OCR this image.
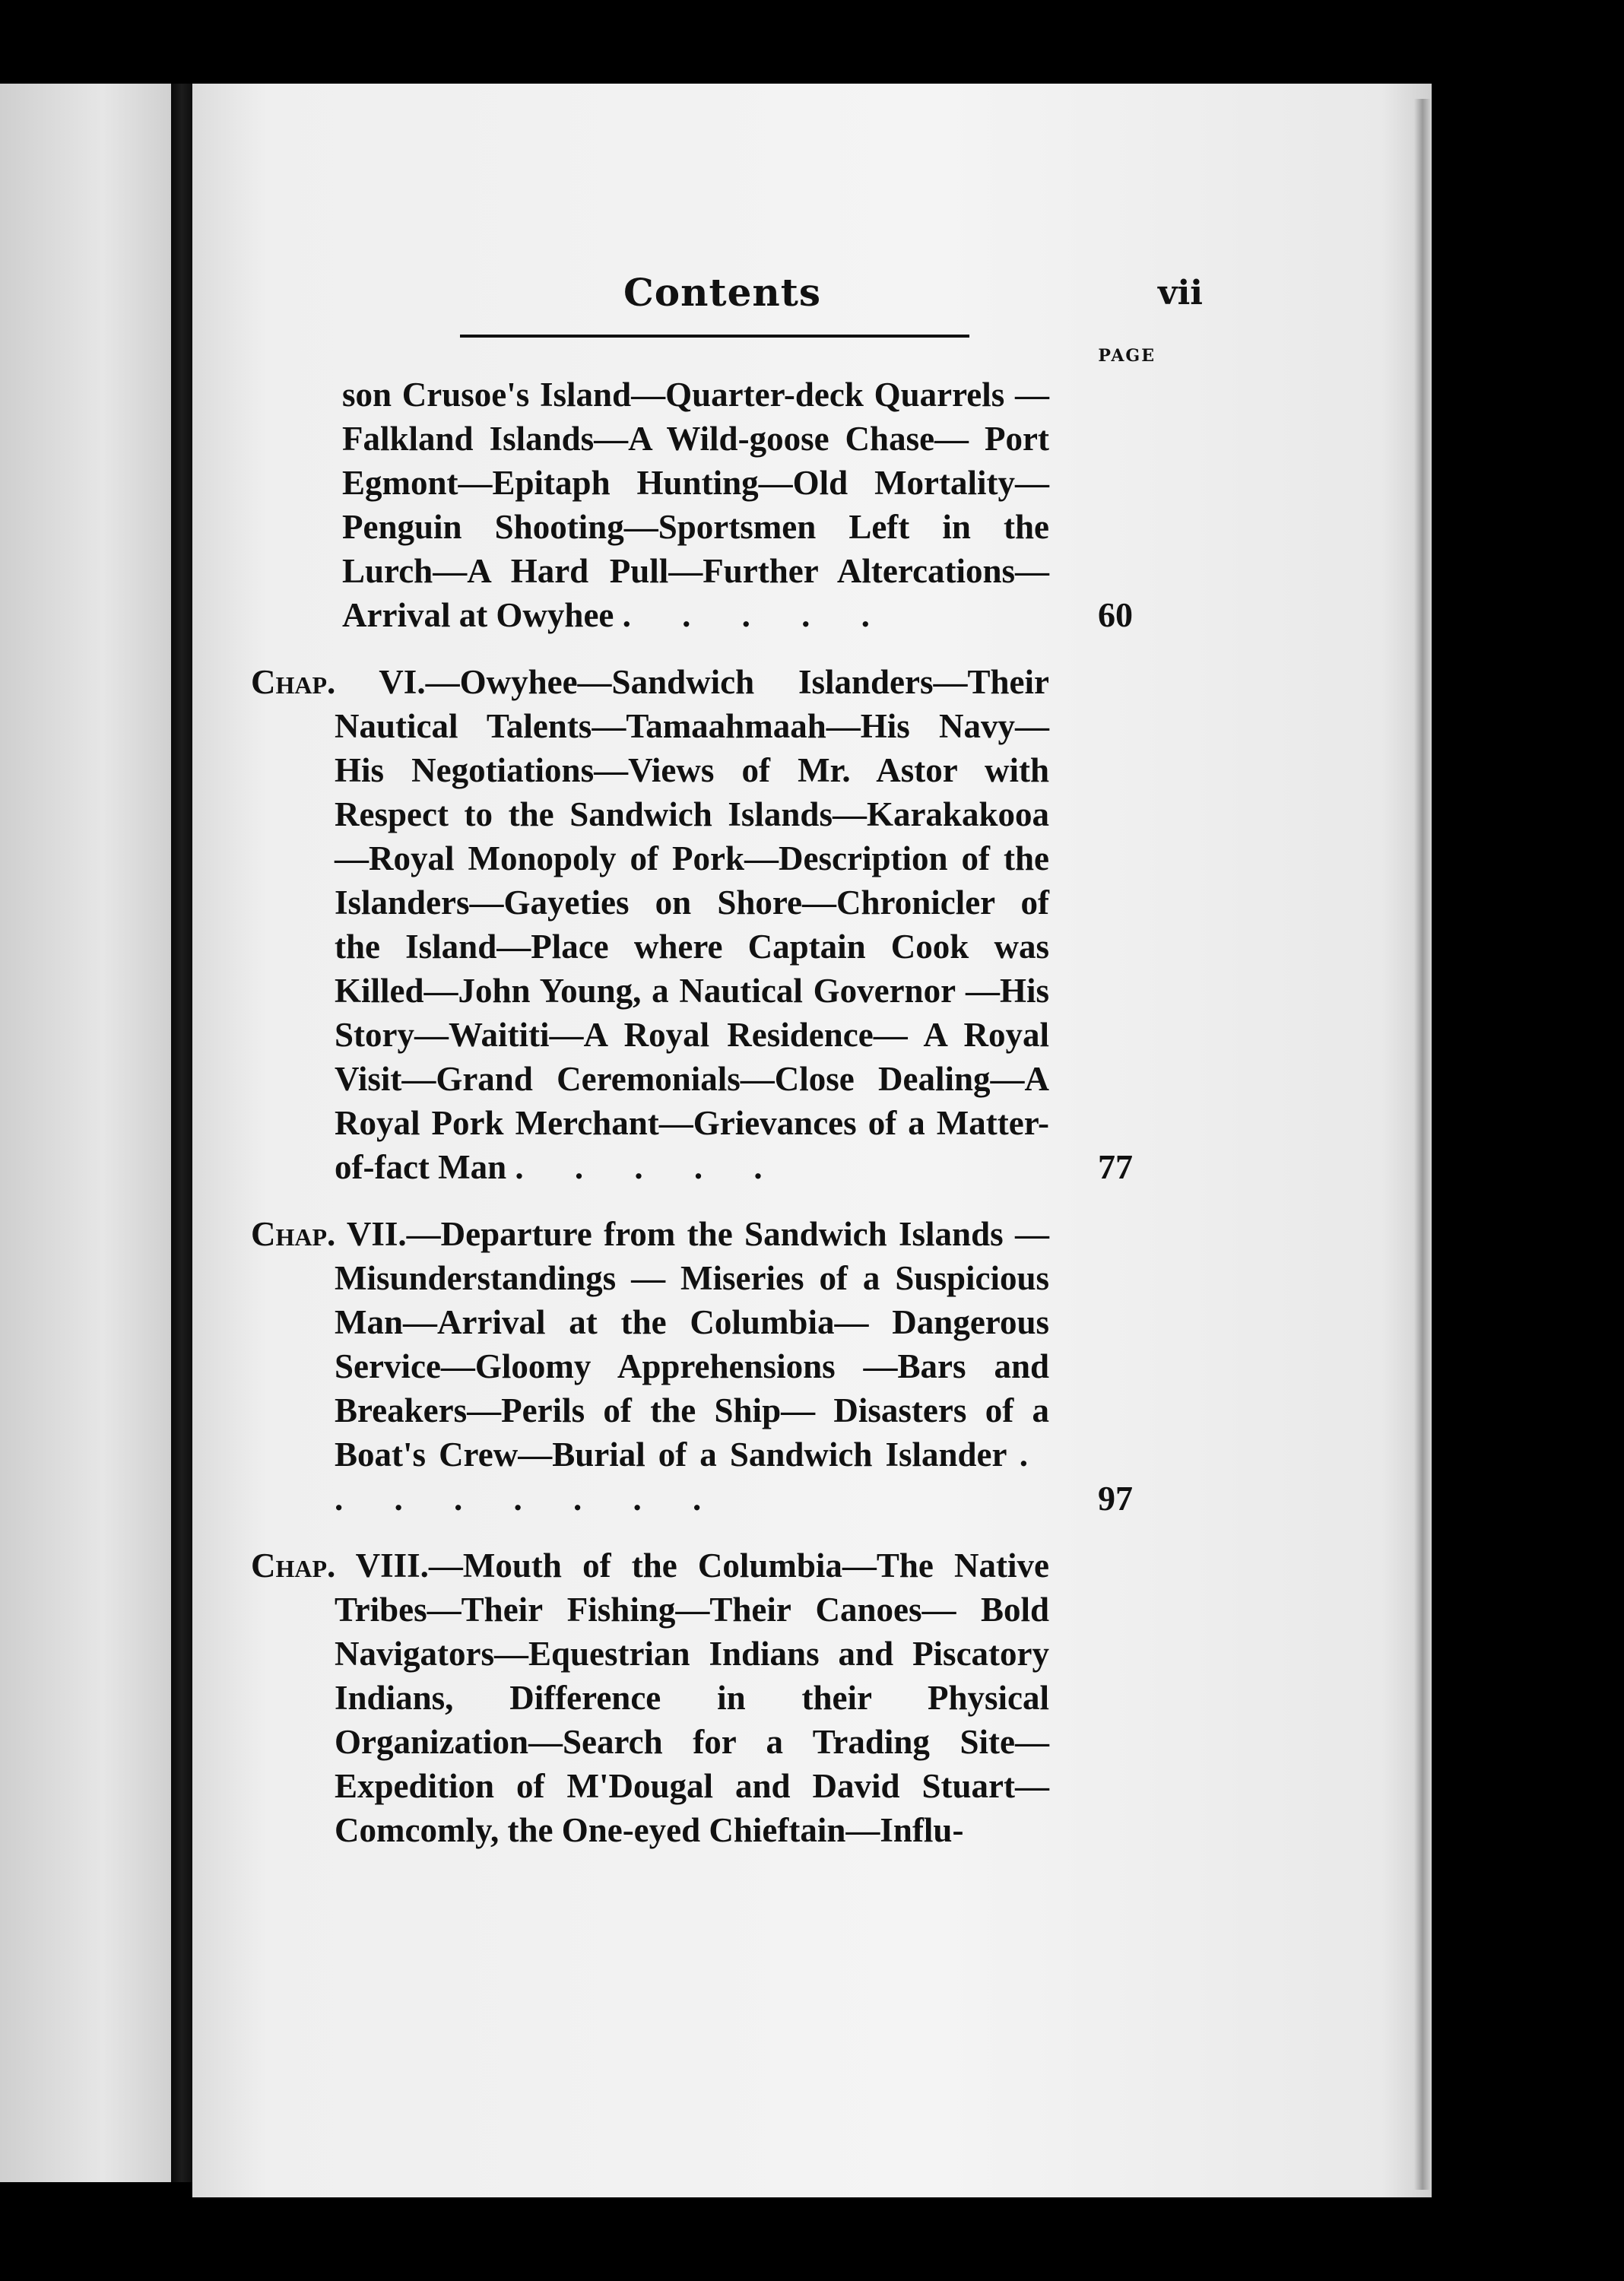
Contents	vii
PAGE
son Crusoe's Island—Quarter-deck Quarrels —Falkland Islands—A Wild-goose Chase— Port Egmont—Epitaph Hunting—Old Mortality—Penguin Shooting—Sportsmen Left in the Lurch—A Hard Pull—Further Altercations—Arrival at Owyhee . . . . .	60
Chap. VI.—Owyhee—Sandwich Islanders—Their Nautical Talents—Tamaahmaah—His Navy— His Negotiations—Views of Mr. Astor with Respect to the Sandwich Islands—Karakakooa—Royal Monopoly of Pork—Description of the Islanders—Gayeties on Shore—Chronicler of the Island—Place where Captain Cook was Killed—John Young, a Nautical Governor —His Story—Waititi—A Royal Residence— A Royal Visit—Grand Ceremonials—Close Dealing—A Royal Pork Merchant—Grievances of a Matter-of-fact Man . . . . .	77
Chap. VII.—Departure from the Sandwich Islands — Misunderstandings — Miseries of a Suspicious Man—Arrival at the Columbia— Dangerous Service—Gloomy Apprehensions —Bars and Breakers—Perils of the Ship— Disasters of a Boat's Crew—Burial of a Sandwich Islander . . . . . . . .	97
Chap. VIII.—Mouth of the Columbia—The Native Tribes—Their Fishing—Their Canoes— Bold Navigators—Equestrian Indians and Piscatory Indians, Difference in their Physical Organization—Search for a Trading Site— Expedition of M'Dougal and David Stuart— Comcomly, the One-eyed Chieftain—Influ-
